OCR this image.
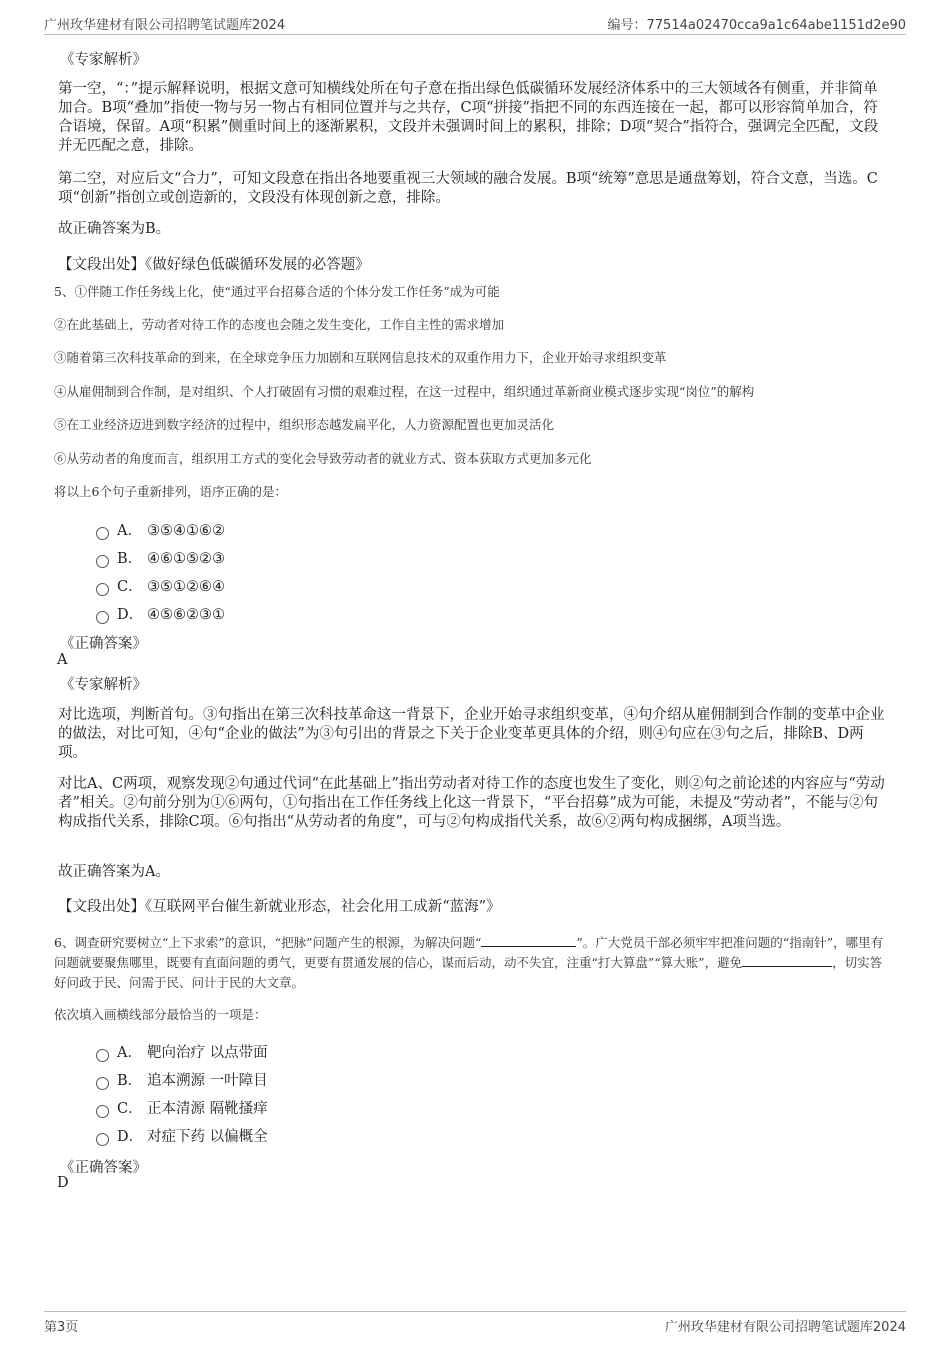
广州玫华建材有限公司招聘笔试题库2024	编号：77514a02470cca9a1c64abe1151d2e90
《专家解析》
第一空，“：”提示解释说明，根据文意可知横线处所在句子意在指出绿色低碳循环发展经济体系中的三大领域各有侧重，并非简单加合。B项“叠加”指使一物与另一物占有相同位置并与之共存，C项“拼接”指把不同的东西连接在一起，都可以形容简单加合，符合语境，保留。A项“积累”侧重时间上的逐渐累积，文段并未强调时间上的累积，排除；D项“契合”指符合，强调完全匹配，文段并无匹配之意，排除。
第二空，对应后文“合力”，可知文段意在指出各地要重视三大领域的融合发展。B项“统筹”意思是通盘筹划，符合文意，当选。C项“创新”指创立或创造新的，文段没有体现创新之意，排除。
故正确答案为B。
【文段出处】《做好绿色低碳循环发展的必答题》
5、①伴随工作任务线上化，使“通过平台招募合适的个体分发工作任务”成为可能
②在此基础上，劳动者对待工作的态度也会随之发生变化，工作自主性的需求增加
③随着第三次科技革命的到来，在全球竞争压力加剧和互联网信息技术的双重作用力下，企业开始寻求组织变革
④从雇佣制到合作制，是对组织、个人打破固有习惯的艰难过程，在这一过程中，组织通过革新商业模式逐步实现“岗位”的解构
⑤在工业经济迈进到数字经济的过程中，组织形态越发扁平化，人力资源配置也更加灵活化
⑥从劳动者的角度而言，组织用工方式的变化会导致劳动者的就业方式、资本获取方式更加多元化
将以上6个句子重新排列，语序正确的是：
A． ③⑤④①⑥②
B． ④⑥①⑤②③
C． ③⑤①②⑥④
D． ④⑤⑥②③①
《正确答案》
A
《专家解析》
对比选项，判断首句。③句指出在第三次科技革命这一背景下，企业开始寻求组织变革，④句介绍从雇佣制到合作制的变革中企业的做法，对比可知，④句“企业的做法”为③句引出的背景之下关于企业变革更具体的介绍，则④句应在③句之后，排除B、D两项。
对比A、C两项，观察发现②句通过代词“在此基础上”指出劳动者对待工作的态度也发生了变化，则②句之前论述的内容应与“劳动者”相关。②句前分别为①⑥两句，①句指出在工作任务线上化这一背景下，“平台招募”成为可能，未提及“劳动者”，不能与②句构成指代关系，排除C项。⑥句指出“从劳动者的角度”，可与②句构成指代关系，故⑥②两句构成捆绑，A项当选。
故正确答案为A。
【文段出处】《互联网平台催生新就业形态，社会化用工成新“蓝海”》
6、调查研究要树立“上下求索”的意识，“把脉”问题产生的根源，为解决问题“	”。广大党员干部必须牢牢把准问题的“指南针”，哪里有问题就要聚焦哪里，既要有直面问题的勇气，更要有贯通发展的信心，谋而后动，动不失宜，注重“打大算盘”“算大账”，避免	，切实答好问政于民、问需于民、问计于民的大文章。
依次填入画横线部分最恰当的一项是：
A． 靶向治疗 以点带面
B． 追本溯源 一叶障目
C． 正本清源 隔靴搔痒
D． 对症下药 以偏概全
《正确答案》
D
第3页	广州玫华建材有限公司招聘笔试题库2024
